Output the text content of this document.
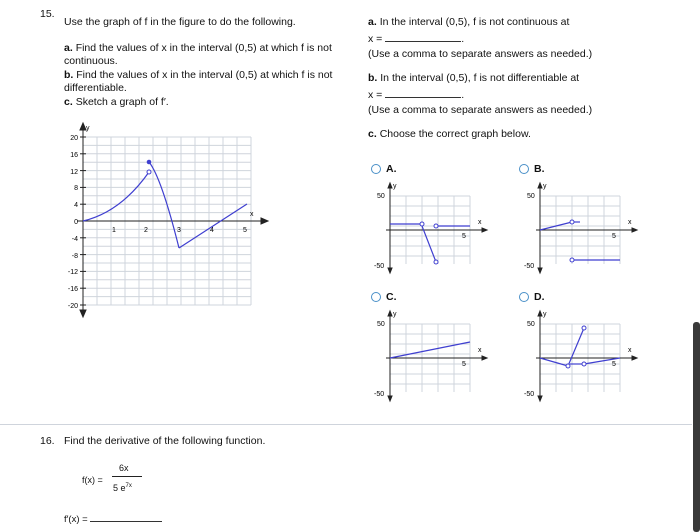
15.
Use the graph of f in the figure to do the following.
a. Find the values of x in the interval (0,5) at which f is not
continuous.
b. Find the values of x in the interval (0,5) at which f is not
differentiable.
c. Sketch a graph of f′.
y
x
20
16
12
8
4
0
-4
-8
-12
-16
-20
1	2	3	4	5
a. In the interval (0,5), f is not continuous at
x =	.
(Use a comma to separate answers as needed.)
b. In the interval (0,5), f is not differentiable at
x =	.
(Use a comma to separate answers as needed.)
c. Choose the correct graph below.
A.
50
-50
5
y
x
B.
50
-50
5
y
x
C.
50
-50
5
y
x
D.
50
-50
5
y
x
16. Find the derivative of the following function.
f(x) =
6x
5 $e^{7x}$
f′(x) =
